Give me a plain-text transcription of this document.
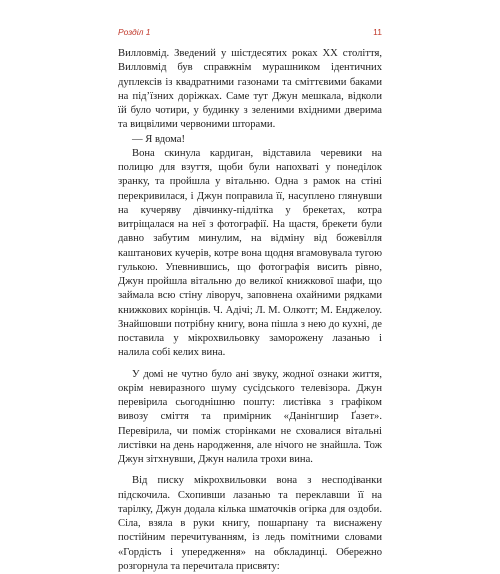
Розділ 1	11

Вилловмід. Зведений у шістдесятих роках XX століття, Вилловмід був справжнім мурашником ідентичних дуплексів із квадратними газонами та сміттєвими баками на під’їзних доріжках. Саме тут Джун мешкала, відколи їй було чотири, у будинку з зеленими вхідними дверима та вицвілими червоними шторами.

— Я вдома!

Вона скинула кардиган, відставила черевики на полицю для взуття, щоби були напохваті у понеділок зранку, та пройшла у вітальню. Одна з рамок на стіні перекривилася, і Джун поправила її, насуплено глянувши на кучеряву дівчинку-підлітка у брекетах, котра витріщалася на неї з фотографії. На щастя, брекети були давно забутим минулим, на відміну від божевілля каштанових кучерів, котре вона щодня вгамовувала тугою гулькою. Упевнившись, що фотографія висить рівно, Джун пройшла вітальню до великої книжкової шафи, що займала всю стіну ліворуч, заповнена охайними рядками книжкових корінців. Ч. Адічі; Л. М. Олкотт; М. Енджелоу. Знайшовши потрібну книгу, вона пішла з нею до кухні, де поставила у мікрохвильовку заморожену лазанью і налила собі келих вина.

У домі не чутно було ані звуку, жодної ознаки життя, окрім невиразного шуму сусідського телевізора. Джун перевірила сьогоднішню пошту: листівка з графіком вивозу сміття та примірник «Данінгшир Ґазет». Перевірила, чи поміж сторінками не сховалися вітальні листівки на день народження, але нічого не знайшла. Тож Джун зітхнувши, Джун налила трохи вина.

Від писку мікрохвильовки вона з несподіванки підскочила. Схопивши лазанью та переклавши її на тарілку, Джун додала кілька шматочків огірка для оздоби. Сіла, взяла в руки книгу, пошарпану та виснажену постійним перечитуванням, із ледь помітними словами «Гордість і упередження» на обкладинці. Обережно розгорнула та перечитала присвяту:
